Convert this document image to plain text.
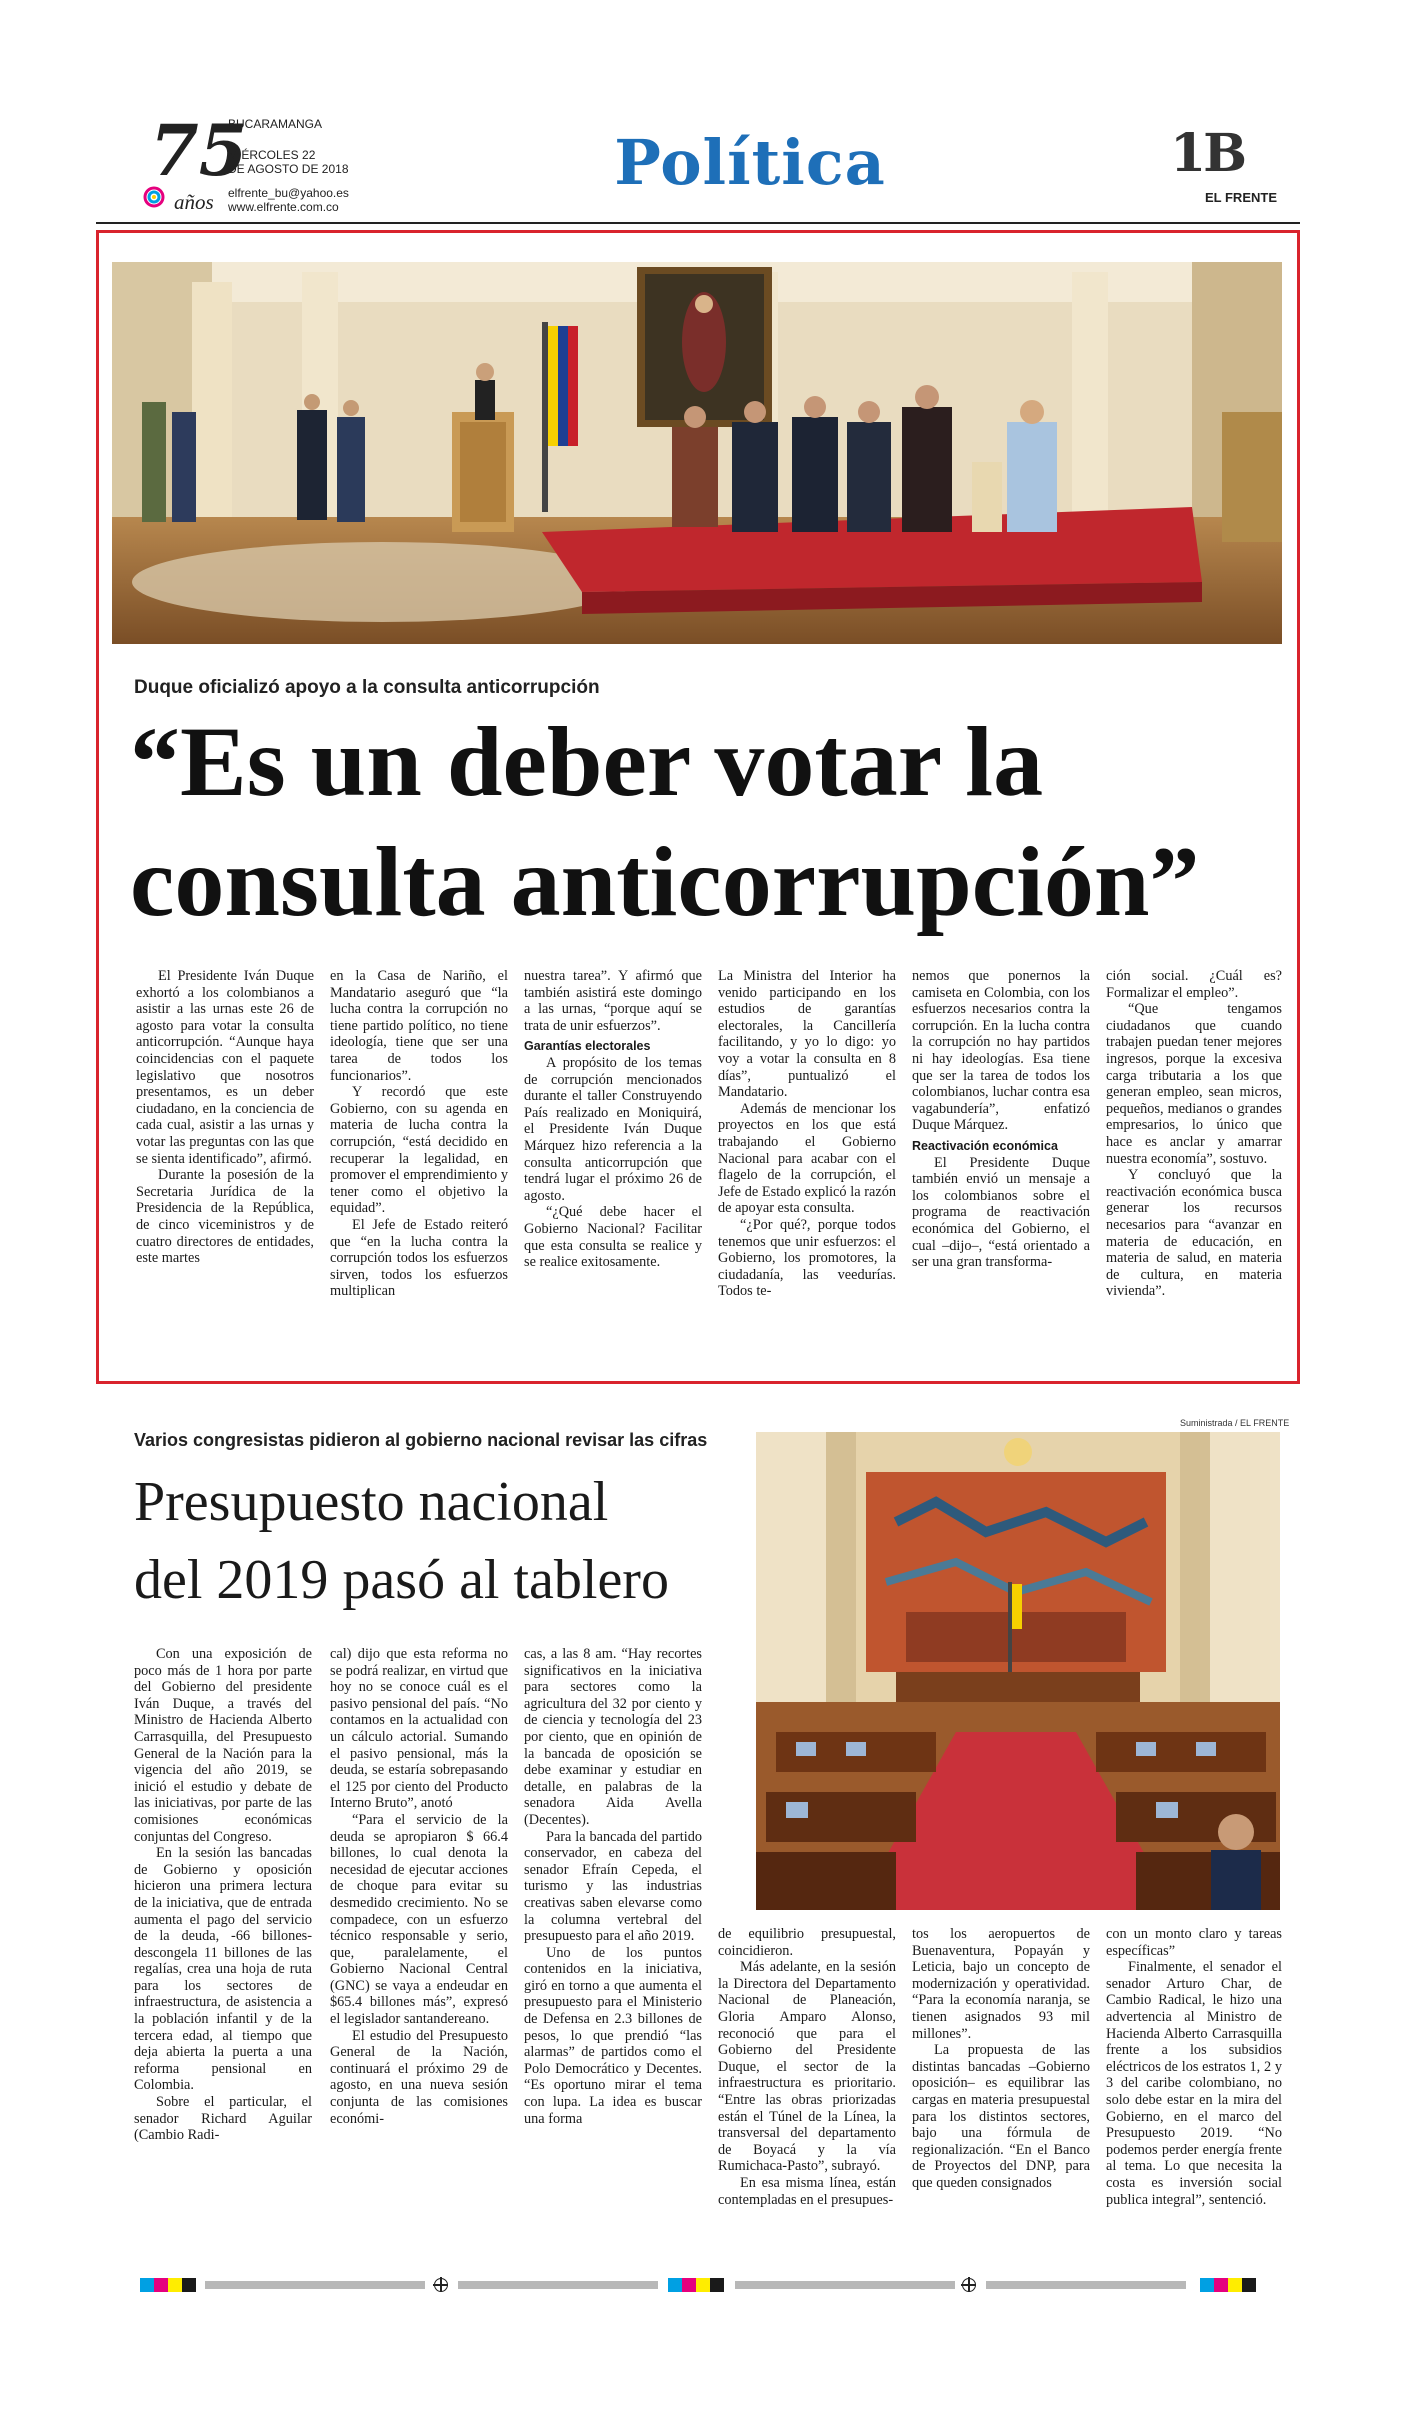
75
años
BUCARAMANGA
MIÉRCOLES 22
DE AGOSTO DE 2018
elfrente_bu@yahoo.es
www.elfrente.com.co
Política	1B
EL FRENTE
Duque oficializó apoyo a la consulta anticorrupción
“Es un deber votar la
consulta anticorrupción”

El Presidente Iván Duque exhortó a los colombianos a asistir a las urnas este 26 de agosto para votar la consulta anticorrupción. “Aunque haya coincidencias con el paquete legislativo que nosotros presentamos, es un deber ciudadano, en la conciencia de cada cual, asistir a las urnas y votar las preguntas con las que se sienta identificado”, afirmó.

Durante la posesión de la Secretaria Jurídica de la Presidencia de la República, de cinco viceministros y de cuatro directores de entidades, este martes

en la Casa de Nariño, el Mandatario aseguró que “la lucha contra la corrupción no tiene partido político, no tiene ideología, tiene que ser una tarea de todos los funcionarios”.

Y recordó que este Gobierno, con su agenda en materia de lucha contra la corrupción, “está decidido en recuperar la legalidad, en promover el emprendimiento y tener como el objetivo la equidad”.

El Jefe de Estado reiteró que “en la lucha contra la corrupción todos los esfuerzos sirven, todos los esfuerzos multiplican

nuestra tarea”. Y afirmó que también asistirá este domingo a las urnas, “porque aquí se trata de unir esfuerzos”.

Garantías electorales

A propósito de los temas de corrupción mencionados durante el taller Construyendo País realizado en Moniquirá, el Presidente Iván Duque Márquez hizo referencia a la consulta anticorrupción que tendrá lugar el próximo 26 de agosto.

“¿Qué debe hacer el Gobierno Nacional? Facilitar que esta consulta se realice y se realice exitosamente.

La Ministra del Interior ha venido participando en los estudios de garantías electorales, la Cancillería facilitando, y yo lo digo: yo voy a votar la consulta en 8 días”, puntualizó el Mandatario.

Además de mencionar los proyectos en los que está trabajando el Gobierno Nacional para acabar con el flagelo de la corrupción, el Jefe de Estado explicó la razón de apoyar esta consulta.

“¿Por qué?, porque todos tenemos que unir esfuerzos: el Gobierno, los promotores, la ciudadanía, las veedurías. Todos te-

nemos que ponernos la camiseta en Colombia, con los esfuerzos necesarios contra la corrupción. En la lucha contra la corrupción no hay partidos ni hay ideologías. Esa tiene que ser la tarea de todos los colombianos, luchar contra esa vagabundería”, enfatizó Duque Márquez.

Reactivación económica

El Presidente Duque también envió un mensaje a los colombianos sobre el programa de reactivación económica del Gobierno, el cual –dijo–, “está orientado a ser una gran transforma-

ción social. ¿Cuál es? Formalizar el empleo”.

“Que tengamos ciudadanos que cuando trabajen puedan tener mejores ingresos, porque la excesiva carga tributaria a los que generan empleo, sean micros, pequeños, medianos o grandes empresarios, lo único que hace es anclar y amarrar nuestra economía”, sostuvo.

Y concluyó que la reactivación económica busca generar los recursos necesarios para “avanzar en materia de educación, en materia de salud, en materia de cultura, en materia vivienda”.

Varios congresistas pidieron al gobierno nacional revisar las cifras
Presupuesto nacional
del 2019 pasó al tablero
Suministrada / EL FRENTE

Con una exposición de poco más de 1 hora por parte del Gobierno del presidente Iván Duque, a través del Ministro de Hacienda Alberto Carrasquilla, del Presupuesto General de la Nación para la vigencia del año 2019, se inició el estudio y debate de las iniciativas, por parte de las comisiones económicas conjuntas del Congreso.

En la sesión las bancadas de Gobierno y oposición hicieron una primera lectura de la iniciativa, que de entrada aumenta el pago del servicio de la deuda, -66 billones- descongela 11 billones de las regalías, crea una hoja de ruta para los sectores de infraestructura, de asistencia a la población infantil y de la tercera edad, al tiempo que deja abierta la puerta a una reforma pensional en Colombia.

Sobre el particular, el senador Richard Aguilar (Cambio Radi-

cal) dijo que esta reforma no se podrá realizar, en virtud que hoy no se conoce cuál es el pasivo pensional del país. “No contamos en la actualidad con un cálculo actorial. Sumando el pasivo pensional, más la deuda, se estaría sobrepasando el 125 por ciento del Producto Interno Bruto”, anotó

“Para el servicio de la deuda se apropiaron $ 66.4 billones, lo cual denota la necesidad de ejecutar acciones de choque para evitar su desmedido crecimiento. No se compadece, con un esfuerzo técnico responsable y serio, que, paralelamente, el Gobierno Nacional Central (GNC) se vaya a endeudar en $65.4 billones más”, expresó el legislador santandereano.

El estudio del Presupuesto General de la Nación, continuará el próximo 29 de agosto, en una nueva sesión conjunta de las comisiones económi-

cas, a las 8 am. “Hay recortes significativos en la iniciativa para sectores como la agricultura del 32 por ciento y de ciencia y tecnología del 23 por ciento, que en opinión de la bancada de oposición se debe examinar y estudiar en detalle, en palabras de la senadora Aida Avella (Decentes).

Para la bancada del partido conservador, en cabeza del senador Efraín Cepeda, el turismo y las industrias creativas saben elevarse como la columna vertebral del presupuesto para el año 2019.

Uno de los puntos contenidos en la iniciativa, giró en torno a que aumenta el presupuesto para el Ministerio de Defensa en 2.3 billones de pesos, lo que prendió “las alarmas” de partidos como el Polo Democrático y Decentes. “Es oportuno mirar el tema con lupa. La idea es buscar una forma

de equilibrio presupuestal, coincidieron.

Más adelante, en la sesión la Directora del Departamento Nacional de Planeación, Gloria Amparo Alonso, reconoció que para el Gobierno del Presidente Duque, el sector de la infraestructura es prioritario. “Entre las obras priorizadas están el Túnel de la Línea, la transversal del departamento de Boyacá y la vía Rumichaca-Pasto”, subrayó.

En esa misma línea, están contempladas en el presupues-

tos los aeropuertos de Buenaventura, Popayán y Leticia, bajo un concepto de modernización y operatividad. “Para la economía naranja, se tienen asignados 93 mil millones”.

La propuesta de las distintas bancadas –Gobierno oposición– es equilibrar las cargas en materia presupuestal para los distintos sectores, bajo una fórmula de regionalización. “En el Banco de Proyectos del DNP, para que queden consignados

con un monto claro y tareas específicas”

Finalmente, el senador el senador Arturo Char, de Cambio Radical, le hizo una advertencia al Ministro de Hacienda Alberto Carrasquilla frente a los subsidios eléctricos de los estratos 1, 2 y 3 del caribe colombiano, no solo debe estar en la mira del Gobierno, en el marco del Presupuesto 2019. “No podemos perder energía frente al tema. Lo que necesita la costa es inversión social publica integral”, sentenció.
